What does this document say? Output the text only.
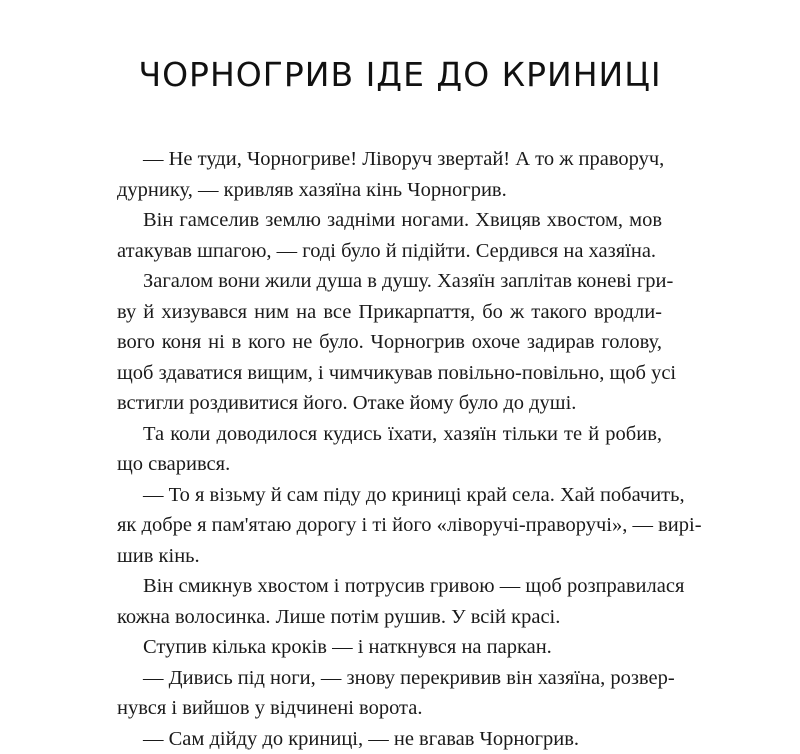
ЧОРНОГРИВ ІДЕ ДО КРИНИЦІ
— Не туди, Чорногриве! Ліворуч звертай! А то ж праворуч,
дурнику, — кривляв хазяїна кінь Чорногрив.
Він гамселив землю задніми ногами. Хвицяв хвостом, мов
атакував шпагою, — годі було й підійти. Сердився на хазяїна.
Загалом вони жили душа в душу. Хазяїн заплітав коневі гри-
ву й хизувався ним на все Прикарпаття, бо ж такого вродли-
вого коня ні в кого не було. Чорногрив охоче задирав голову,
щоб здаватися вищим, і чимчикував повільно-повільно, щоб усі
встигли роздивитися його. Отаке йому було до душі.
Та коли доводилося кудись їхати, хазяїн тільки те й робив,
що сварився.
— То я візьму й сам піду до криниці край села. Хай побачить,
як добре я пам'ятаю дорогу і ті його «ліворучі-праворучі», — вирі-
шив кінь.
Він смикнув хвостом і потрусив гривою — щоб розправилася
кожна волосинка. Лише потім рушив. У всій красі.
Ступив кілька кроків — і наткнувся на паркан.
— Дивись під ноги, — знову перекривив він хазяїна, розвер-
нувся і вийшов у відчинені ворота.
— Сам дійду до криниці, — не вгавав Чорногрив.
